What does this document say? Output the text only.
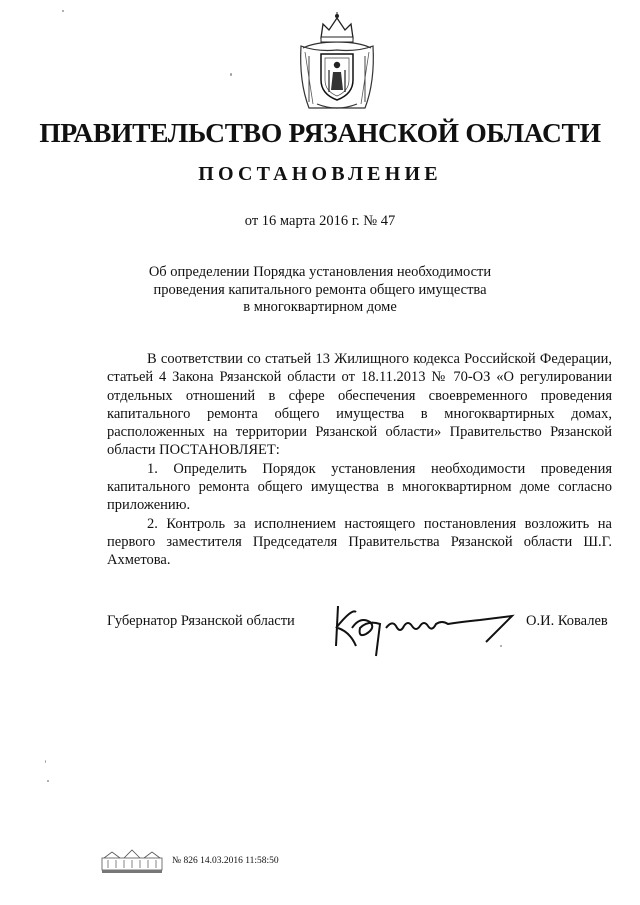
ПРАВИТЕЛЬСТВО РЯЗАНСКОЙ ОБЛАСТИ
ПОСТАНОВЛЕНИЕ
от 16 марта 2016 г. № 47
Об определении Порядка установления необходимости
проведения капитального ремонта общего имущества
в многоквартирном доме

В соответствии со статьей 13 Жилищного кодекса Российской Федерации, статьей 4 Закона Рязанской области от 18.11.2013 № 70-ОЗ «О регулировании отдельных отношений в сфере обеспечения своевременного проведения капитального ремонта общего имущества в многоквартирных домах, расположенных на территории Рязанской области» Правительство Рязанской области ПОСТАНОВЛЯЕТ:

1. Определить Порядок установления необходимости проведения капитального ремонта общего имущества в многоквартирном доме согласно приложению.

2. Контроль за исполнением настоящего постановления возложить на первого заместителя Председателя Правительства Рязанской области Ш.Г. Ахметова.

Губернатор Рязанской области	О.И. Ковалев
№ 826 14.03.2016 11:58:50
